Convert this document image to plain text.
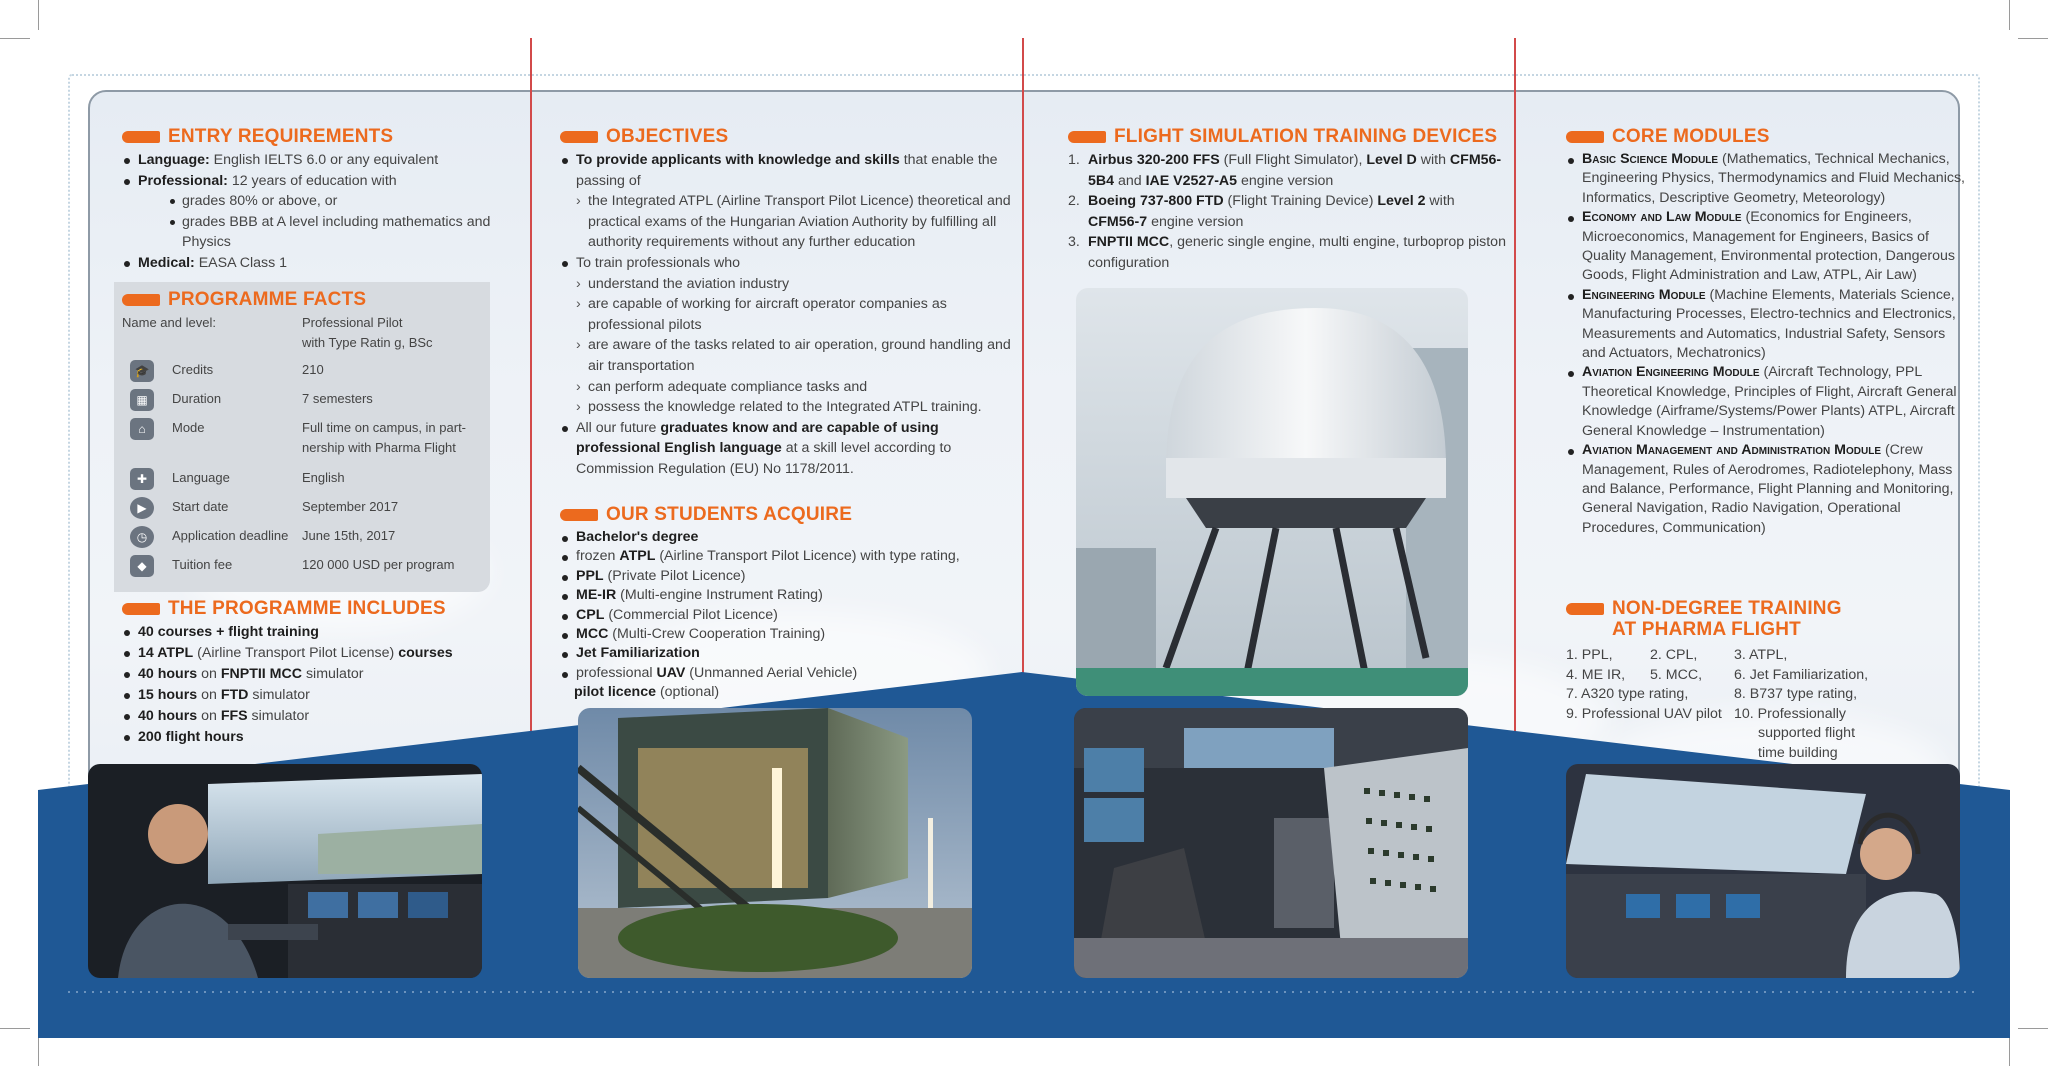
ENTRY REQUIREMENTS
Language: English IELTS 6.0 or any equivalent
Professional: 12 years of education with
grades 80% or above, or
grades BBB at A level including mathematics and Physics
Medical: EASA Class 1
PROGRAMME FACTS
Name and level:	Professional Pilot
with Type Ratin g, BSc
🎓	Credits	210
▦	Duration	7 semesters
⌂	Mode	Full time on campus, in part-nership with Pharma Flight
✚	Language	English
▶	Start date	September 2017
◷	Application deadline June 15th, 2017
◆	Tuition fee	120 000 USD per program
THE PROGRAMME INCLUDES
40 courses + flight training
14 ATPL (Airline Transport Pilot License) courses
40 hours on FNPTII MCC simulator
15 hours on FTD simulator
40 hours on FFS simulator
200 flight hours
OBJECTIVES
To provide applicants with knowledge and skills that enable the passing of
› the Integrated ATPL (Airline Transport Pilot Licence) theoretical and practical exams of the Hungarian Aviation Authority by fulfilling all authority requirements without any further education
To train professionals who
› understand the aviation industry
› are capable of working for aircraft operator companies as professional pilots
› are aware of the tasks related to air operation, ground handling and air transportation
› can perform adequate compliance tasks and
› possess the knowledge related to the Integrated ATPL training.
All our future graduates know and are capable of using professional English language at a skill level according to Commission Regulation (EU) No 1178/2011.
OUR STUDENTS ACQUIRE
Bachelor's degree
frozen ATPL (Airline Transport Pilot Licence) with type rating,
PPL (Private Pilot Licence)
ME-IR (Multi-engine Instrument Rating)
CPL (Commercial Pilot Licence)
MCC (Multi-Crew Cooperation Training)
Jet Familiarization
professional UAV (Unmanned Aerial Vehicle)
pilot licence (optional)
FLIGHT SIMULATION TRAINING DEVICES
1. Airbus 320-200 FFS (Full Flight Simulator), Level D with CFM56-5B4 and IAE V2527-A5 engine version
2. Boeing 737-800 FTD (Flight Training Device) Level 2 with CFM56-7 engine version
3. FNPTII MCC, generic single engine, multi engine, turboprop piston configuration
CORE MODULES
Basic Science Module (Mathematics, Technical Mechanics, Engineering Physics, Thermodynamics and Fluid Mechanics, Informatics, Descriptive Geometry, Meteorology)
Economy and Law Module (Economics for Engineers, Microeconomics, Management for Engineers, Basics of Quality Management, Environmental protection, Dangerous Goods, Flight Administration and Law, ATPL, Air Law)
Engineering Module (Machine Elements, Materials Science, Manufacturing Processes, Electro-technics and Electronics, Measurements and Automatics, Industrial Safety, Sensors and Actuators, Mechatronics)
Aviation Engineering Module (Aircraft Technology, PPL Theoretical Knowledge, Principles of Flight, Aircraft General Knowledge (Airframe/Systems/Power Plants) ATPL, Aircraft General Knowledge – Instrumentation)
Aviation Management and Administration Module (Crew Management, Rules of Aerodromes, Radiotelephony, Mass and Balance, Performance, Flight Planning and Monitoring, General Navigation, Radio Navigation, Operational Procedures, Communication)
NON-DEGREE TRAINING
AT PHARMA FLIGHT
1. PPL,	2. CPL,	3. ATPL,
4. ME IR,	5. MCC,	6. Jet Familiarization,
7. A320 type rating,	8. B737 type rating,
9. Professional UAV pilot 10. Professionally supported flight time building
